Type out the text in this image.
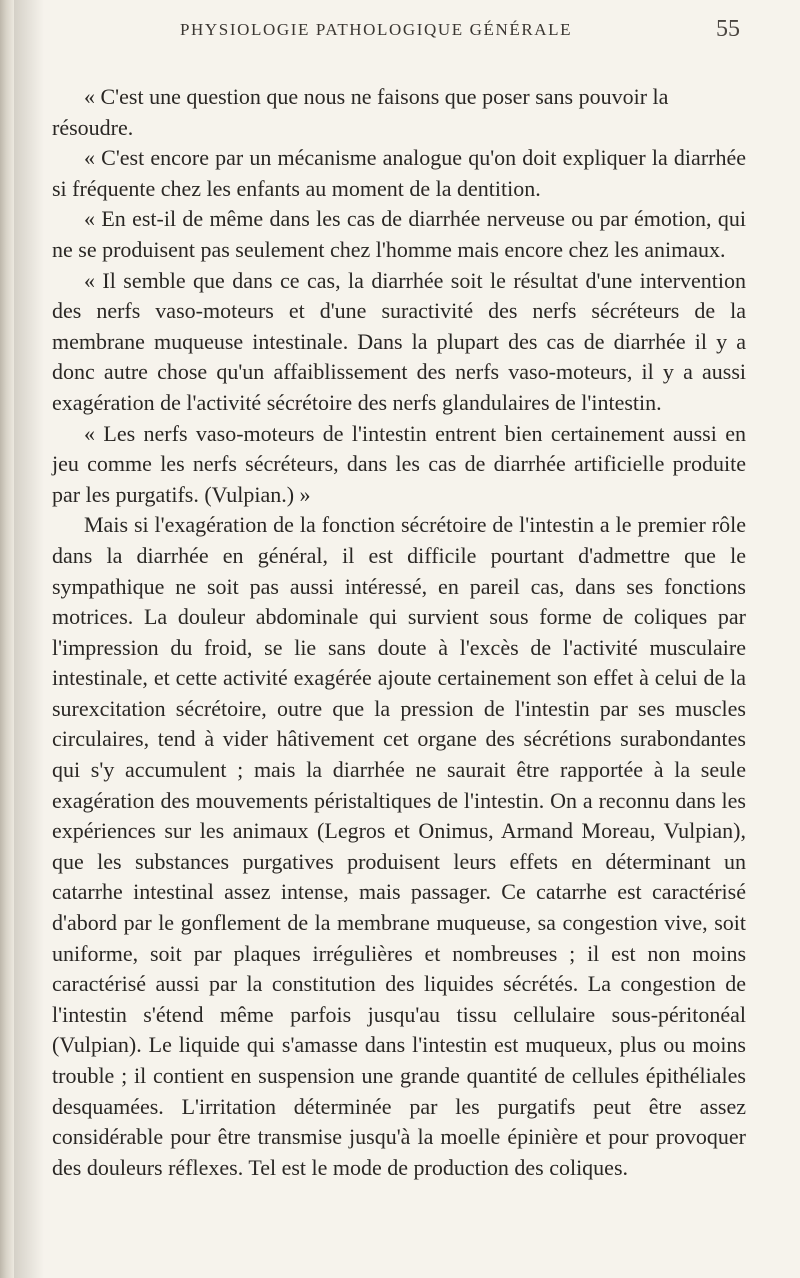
PHYSIOLOGIE PATHOLOGIQUE GÉNÉRALE	55

« C'est une question que nous ne faisons que poser sans pouvoir la

résoudre.

« C'est encore par un mécanisme analogue qu'on doit expliquer la diarrhée si fréquente chez les enfants au moment de la dentition.

« En est-il de même dans les cas de diarrhée nerveuse ou par émotion, qui ne se produisent pas seulement chez l'homme mais encore chez les animaux.

« Il semble que dans ce cas, la diarrhée soit le résultat d'une intervention des nerfs vaso-moteurs et d'une suractivité des nerfs sécréteurs de la membrane muqueuse intestinale. Dans la plupart des cas de diarrhée il y a donc autre chose qu'un affaiblissement des nerfs vaso-moteurs, il y a aussi exagération de l'activité sécrétoire des nerfs glandulaires de l'intestin.

« Les nerfs vaso-moteurs de l'intestin entrent bien certainement aussi en jeu comme les nerfs sécréteurs, dans les cas de diarrhée artificielle produite par les purgatifs. (Vulpian.) »

Mais si l'exagération de la fonction sécrétoire de l'intestin a le premier rôle dans la diarrhée en général, il est difficile pourtant d'admettre que le sympathique ne soit pas aussi intéressé, en pareil cas, dans ses fonctions motrices. La douleur abdominale qui survient sous forme de coliques par l'impression du froid, se lie sans doute à l'excès de l'activité musculaire intestinale, et cette activité exagérée ajoute certainement son effet à celui de la surexcitation sécrétoire, outre que la pression de l'intestin par ses muscles circulaires, tend à vider hâtivement cet organe des sécrétions surabondantes qui s'y accumulent ; mais la diarrhée ne saurait être rapportée à la seule exagération des mouvements péristaltiques de l'intestin. On a reconnu dans les expériences sur les animaux (Legros et Onimus, Armand Moreau, Vulpian), que les substances purgatives produisent leurs effets en déterminant un catarrhe intestinal assez intense, mais passager. Ce catarrhe est caractérisé d'abord par le gonflement de la membrane muqueuse, sa congestion vive, soit uniforme, soit par plaques irrégulières et nombreuses ; il est non moins caractérisé aussi par la constitution des liquides sécrétés. La congestion de l'intestin s'étend même parfois jusqu'au tissu cellulaire sous-péritonéal (Vulpian). Le liquide qui s'amasse dans l'intestin est muqueux, plus ou moins trouble ; il contient en suspension une grande quantité de cellules épithéliales desquamées. L'irritation déterminée par les purgatifs peut être assez considérable pour être transmise jusqu'à la moelle épinière et pour provoquer des douleurs réflexes. Tel est le mode de production des coliques.
